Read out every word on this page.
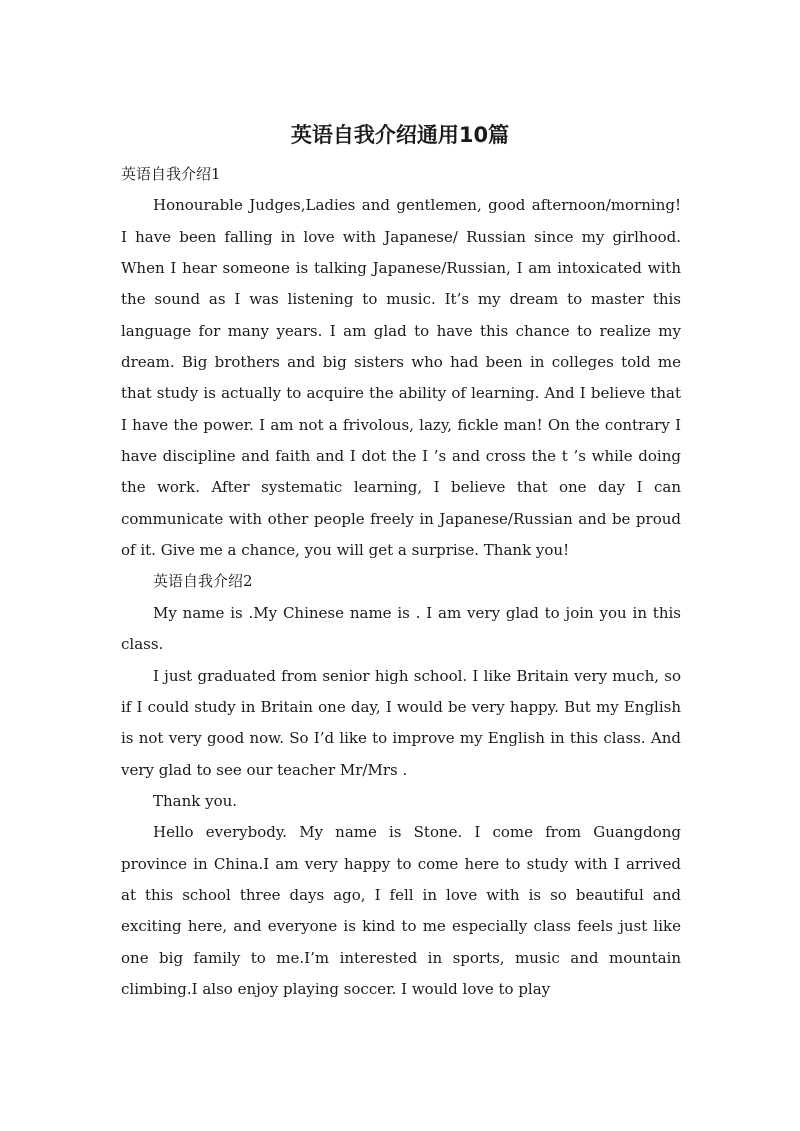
英语自我介绍通用10篇

英语自我介绍1

Honourable Judges,Ladies and gentlemen, good afternoon/morning! I have been falling in love with Japanese/ Russian since my girlhood. When I hear someone is talking Japanese/Russian, I am intoxicated with the sound as I was listening to music. It’s my dream to master this language for many years. I am glad to have this chance to realize my dream. Big brothers and big sisters who had been in colleges told me that study is actually to acquire the ability of learning. And I believe that I have the power. I am not a frivolous, lazy, fickle man! On the contrary I have discipline and faith and I dot the I ’s and cross the t ’s while doing the work. After systematic learning, I believe that one day I can communicate with other people freely in Japanese/Russian and be proud of it. Give me a chance, you will get a surprise. Thank you!

英语自我介绍2

My name is .My Chinese name is . I am very glad to join you in this class.

I just graduated from senior high school. I like Britain very much, so if I could study in Britain one day, I would be very happy. But my English is not very good now. So I’d like to improve my English in this class. And very glad to see our teacher Mr/Mrs .

Thank you.

Hello everybody. My name is Stone. I come from Guangdong province in China.I am very happy to come here to study with I arrived at this school three days ago, I fell in love with is so beautiful and exciting here, and everyone is kind to me especially class feels just like one big family to me.I’m interested in sports, music and mountain climbing.I also enjoy playing soccer. I would love to play
